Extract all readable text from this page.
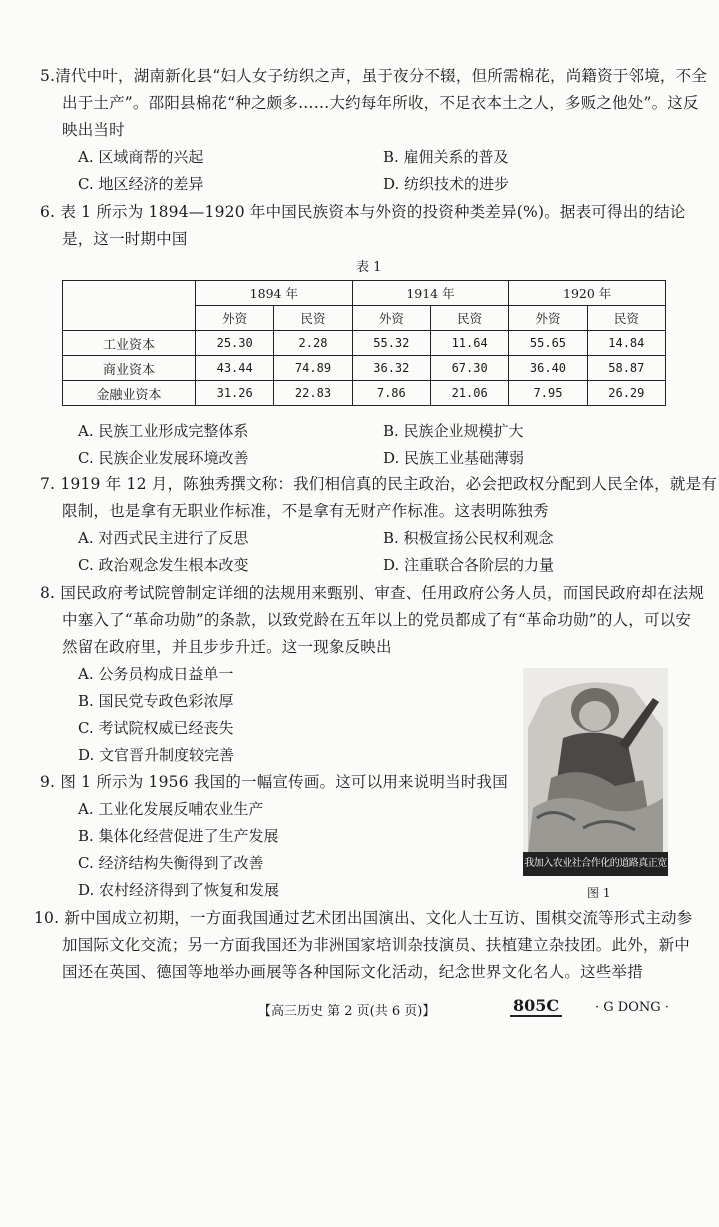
5.清代中叶，湖南新化县“妇人女子纺织之声，虽于夜分不辍，但所需棉花，尚籍资于邻境，不全
出于土产”。邵阳县棉花“种之颇多……大约每年所收，不足衣本土之人，多贩之他处”。这反
映出当时
A. 区域商帮的兴起	B. 雇佣关系的普及
C. 地区经济的差异	D. 纺织技术的进步
6. 表 1 所示为 1894—1920 年中国民族资本与外资的投资种类差异(%)。据表可得出的结论
是，这一时期中国
表 1
	1894 年		1914 年		1920 年	
	外资	民资	外资	民资	外资	民资
工业资本	25.30	2.28	55.32	11.64	55.65	14.84
商业资本	43.44	74.89	36.32	67.30	36.40	58.87
金融业资本	31.26	22.83	7.86	21.06	7.95	26.29
A. 民族工业形成完整体系	B. 民族企业规模扩大
C. 民族企业发展环境改善	D. 民族工业基础薄弱
7. 1919 年 12 月，陈独秀撰文称：我们相信真的民主政治，必会把政权分配到人民全体，就是有
限制，也是拿有无职业作标准，不是拿有无财产作标准。这表明陈独秀
A. 对西式民主进行了反思	B. 积极宣扬公民权利观念
C. 政治观念发生根本改变	D. 注重联合各阶层的力量
8. 国民政府考试院曾制定详细的法规用来甄别、审查、任用政府公务人员，而国民政府却在法规
中塞入了“革命功勋”的条款，以致党龄在五年以上的党员都成了有“革命功勋”的人，可以安
然留在政府里，并且步步升迁。这一现象反映出
A. 公务员构成日益单一
B. 国民党专政色彩浓厚
C. 考试院权威已经丧失
D. 文官晋升制度较完善
9. 图 1 所示为 1956 我国的一幅宣传画。这可以用来说明当时我国
A. 工业化发展反哺农业生产
B. 集体化经营促进了生产发展
C. 经济结构失衡得到了改善
D. 农村经济得到了恢复和发展
我加入农业社合作化的道路真正宽
图 1
10. 新中国成立初期，一方面我国通过艺术团出国演出、文化人士互访、围棋交流等形式主动参
加国际文化交流；另一方面我国还为非洲国家培训杂技演员、扶植建立杂技团。此外，新中
国还在英国、德国等地举办画展等各种国际文化活动，纪念世界文化名人。这些举措
【高三历史 第 2 页(共 6 页)】	805C	· G DONG ·
